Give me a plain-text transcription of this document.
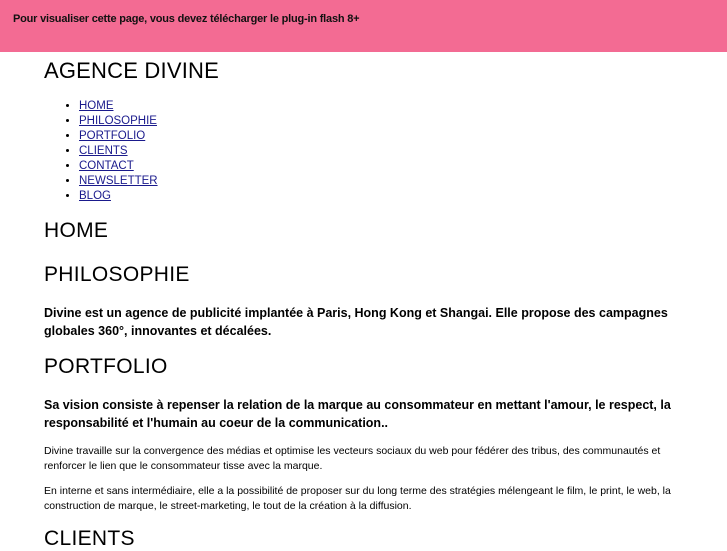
Pour visualiser cette page, vous devez télécharger le plug-in flash 8+
AGENCE DIVINE
• HOME
• PHILOSOPHIE
• PORTFOLIO
• CLIENTS
• CONTACT
• NEWSLETTER
• BLOG
HOME
PHILOSOPHIE

Divine est un agence de publicité implantée à Paris, Hong Kong et Shangai. Elle propose des campagnes globales 360°, innovantes et décalées.

PORTFOLIO

Sa vision consiste à repenser la relation de la marque au consommateur en mettant l'amour, le respect, la responsabilité et l'humain au coeur de la communication..

Divine travaille sur la convergence des médias et optimise les vecteurs sociaux du web pour fédérer des tribus, des communautés et renforcer le lien que le consommateur tisse avec la marque.

En interne et sans intermédiaire, elle a la possibilité de proposer sur du long terme des stratégies mélengeant le film, le print, le web, la construction de marque, le street-marketing, le tout de la création à la diffusion.

CLIENTS
